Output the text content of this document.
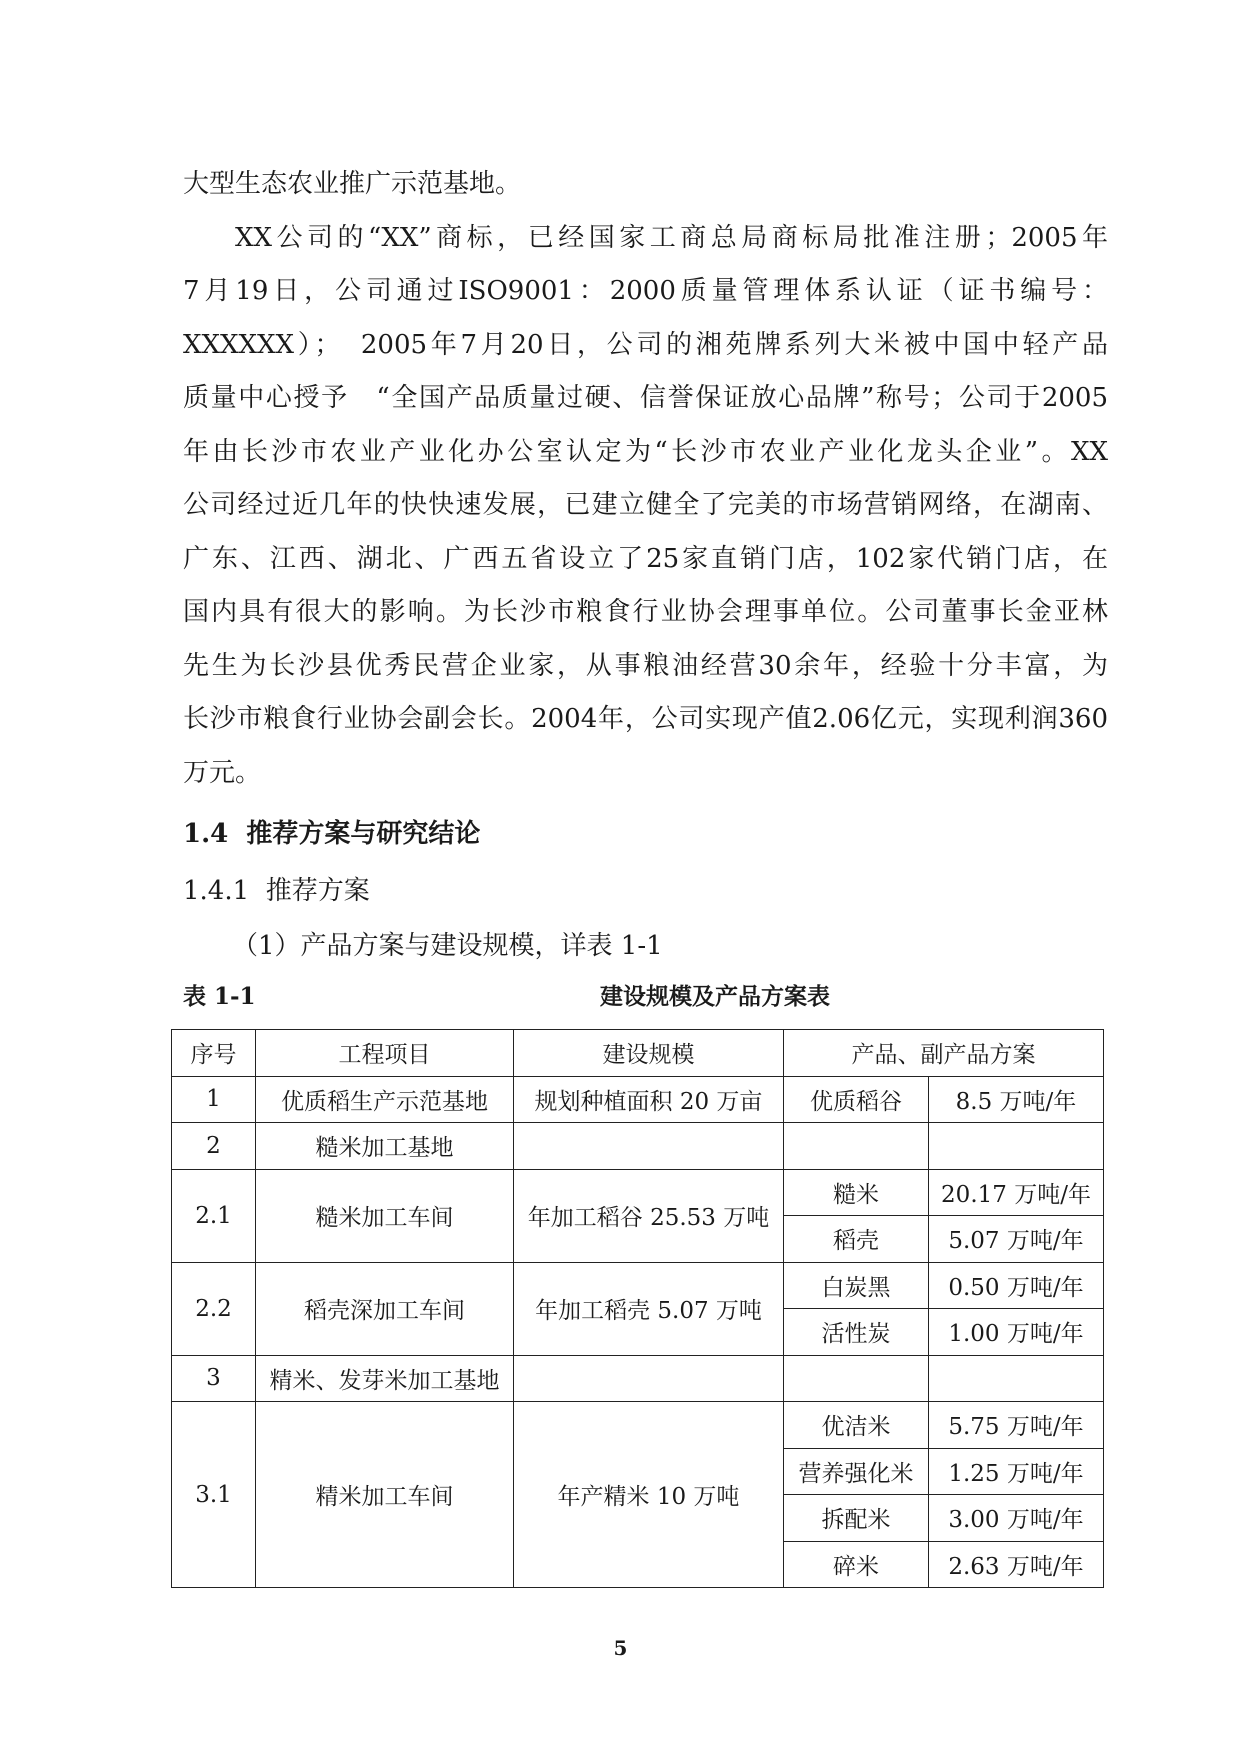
大型生态农业推广示范基地。

XX公司的“XX”商标，已经国家工商总局商标局批准注册；2005年

7月19日，公司通过ISO9001：2000质量管理体系认证（证书编号：

XXXXXX）；　2005年7月20日，公司的湘苑牌系列大米被中国中轻产品

质量中心授予　“全国产品质量过硬、信誉保证放心品牌”称号；公司于2005

年由长沙市农业产业化办公室认定为“长沙市农业产业化龙头企业”。XX

公司经过近几年的快快速发展，已建立健全了完美的市场营销网络，在湖南、

广东、江西、湖北、广西五省设立了25家直销门店，102家代销门店，在

国内具有很大的影响。为长沙市粮食行业协会理事单位。公司董事长金亚林

先生为长沙县优秀民营企业家，从事粮油经营30余年，经验十分丰富，为

长沙市粮食行业协会副会长。2004年，公司实现产值2.06亿元，实现利润360

万元。

1.4 推荐方案与研究结论
1.4.1 推荐方案
（1）产品方案与建设规模，详表 1-1
表 1-1	建设规模及产品方案表
序号	工程项目	建设规模	产品、副产品方案	
1	优质稻生产示范基地	规划种植面积 20 万亩	优质稻谷	8.5 万吨/年
2	糙米加工基地			
2.1	糙米加工车间	年加工稻谷 25.53 万吨	糙米	20.17 万吨/年
			稻壳	5.07 万吨/年
2.2	稻壳深加工车间	年加工稻壳 5.07 万吨	白炭黑	0.50 万吨/年
			活性炭	1.00 万吨/年
3	精米、发芽米加工基地			
3.1	精米加工车间	年产精米 10 万吨	优洁米	5.75 万吨/年
			营养强化米	1.25 万吨/年
			拆配米	3.00 万吨/年
			碎米	2.63 万吨/年

5
